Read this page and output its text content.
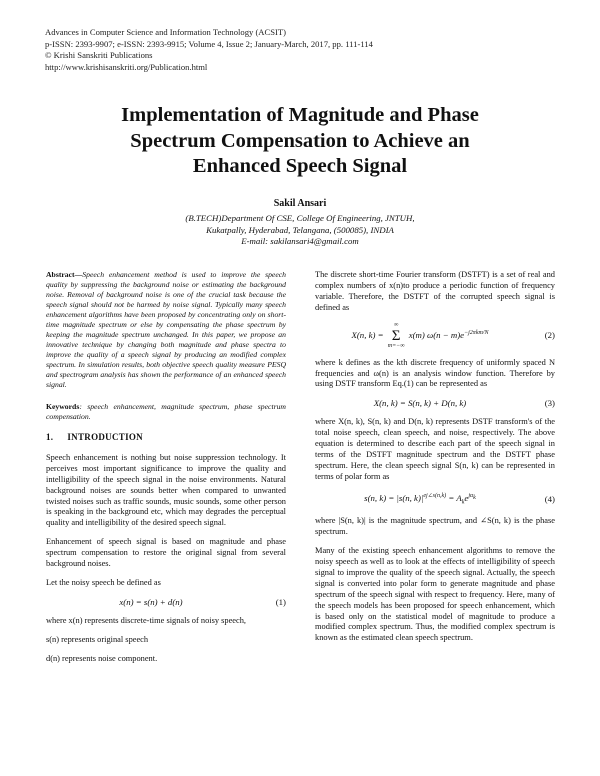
Advances in Computer Science and Information Technology (ACSIT)
p-ISSN: 2393-9907; e-ISSN: 2393-9915; Volume 4, Issue 2; January-March, 2017, pp. 111-114
© Krishi Sanskriti Publications
http://www.krishisanskriti.org/Publication.html
Implementation of Magnitude and Phase
Spectrum Compensation to Achieve an
Enhanced Speech Signal
Sakil Ansari
(B.TECH)Department Of CSE, College Of Engineering, JNTUH,
Kukatpally, Hyderabad, Telangana, (500085), INDIA
E-mail: sakilansari4@gmail.com

Abstract—Speech enhancement method is used to improve the speech quality by suppressing the background noise or estimating the background noise. Removal of background noise is one of the crucial task because the speech signal should not be harmed by noise signal. Typically many speech enhancement algorithms have been proposed by concentrating only on short-time magnitude spectrum or else by compensating the phase spectrum by keeping the magnitude spectrum unchanged. In this paper, we propose an innovative technique by changing both magnitude and phase spectra to improve the quality of a speech signal by producing an modified complex spectrum. In simulation results, both objective speech quality measure PESQ and spectrogram analysis has shown the performance of an enhanced speech signal.

Keywords: speech enhancement, magnitude spectrum, phase spectrum compensation.

1. INTRODUCTION

Speech enhancement is nothing but noise suppression technology. It perceives most important significance to improve the quality and intelligibility of the speech signal in the noise environments. Natural background noises are sounds better when compared to unwanted twisted noises such as traffic sounds, music sounds, some other person is speaking in the background etc, which may degrades the perceptual quality and intelligibility of the desired speech signal.

Enhancement of speech signal is based on magnitude and phase spectrum compensation to restore the original signal from several background noises.

Let the noisy speech be defined as

x(n) = s(n) + d(n)	(1)
where x(n) represents discrete-time signals of noisy speech,
s(n) represents original speech
d(n) represents noise component.

The discrete short-time Fourier transform (DSTFT) is a set of real and complex numbers of x(n)to produce a periodic function of frequency variable. Therefore, the DSTFT of the corrupted speech signal is defined as

X(n, k) =
∞
Σ
m=−∞
x(m) $\omega(n - m)e^{-j2\pi km/N}$	(2)

where k defines as the kth discrete frequency of uniformly spaced N frequencies and ω(n) is an analysis window function. Therefore by using DSTF transform Eq.(1) can be represented as

X(n, k) = S(n, k) + D(n, k)	(3)

where X(n, k), S(n, k) and D(n, k) represents DSTF transform's of the total noise speech, clean speech, and noise, respectively. The above equation is determined to describe each part of the speech signal in terms of the DSTFT magnitude spectrum and the DSTFT phase spectrum. Here, the clean speech signal S(n, k) can be represented in terms of polar form as

s(n, k) = |s(n, $k)|^{ej\angle s(n,k)} = A_ke^{j\alpha_k}$	(4)

where |S(n, k)| is the magnitude spectrum, and ∠S(n, k) is the phase spectrum.

Many of the existing speech enhancement algorithms to remove the noisy speech as well as to look at the effects of intelligibility of speech signal to improve the quality of the speech signal. Actually, the speech signal is converted into polar form to generate magnitude and phase spectrum of the speech signal with respect to frequency. Here, many of the speech models has been proposed for speech enhancement, which is based only on the statistical model of magnitude to produce a modified complex spectrum. Thus, the modified complex spectrum is known as the estimated clean speech spectrum.
